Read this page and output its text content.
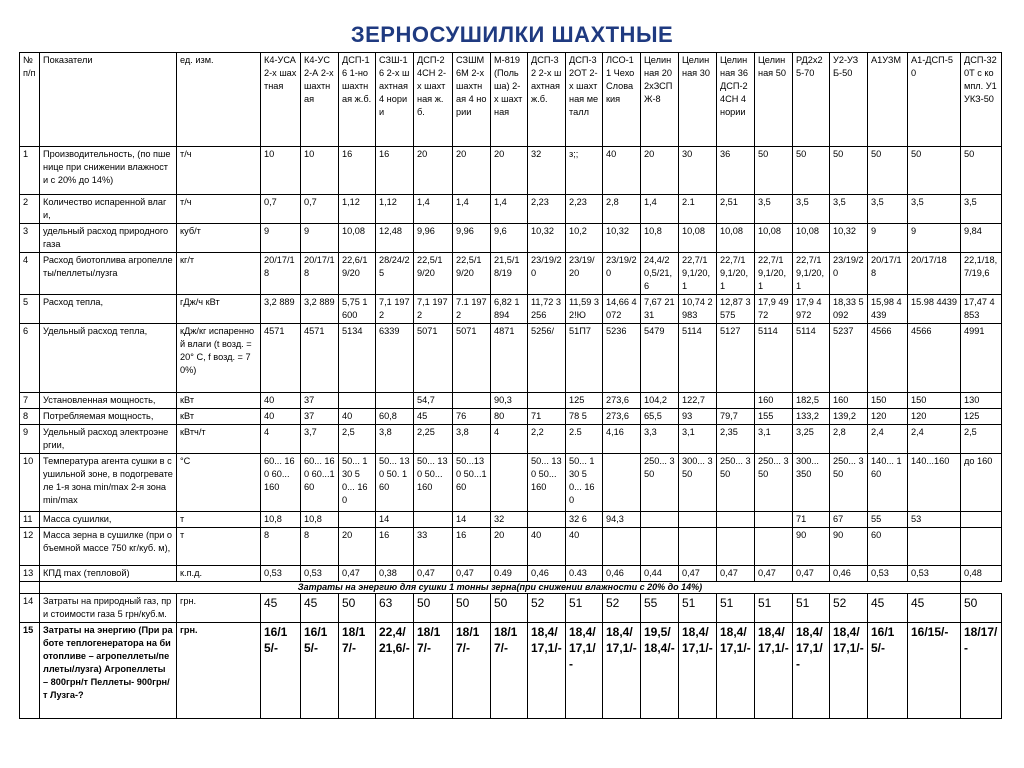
ЗЕРНОСУШИЛКИ ШАХТНЫЕ
№ п/п	Показатели	ед. изм.	К4-УСА 2-х шахтная	К4-УС2-А 2-х шахтная	ДСП-16 1-но шахтная ж.б.	СЗШ-16 2-х шахтная 4 нории	ДСП-24СН 2-х шахтная ж.б.	СЗШМ 6М 2-х шахтная 4 нории	М-819 (Польша) 2-х шахтная	ДСП-32 2-х шахтная ж.б.	ДСП-32ОТ 2-х шахтная металл	ЛСО-11 Чехо Словакия	Целинная 20 2хЗСПЖ-8	Целинная 30	Целинная 36 ДСП-24СН 4 нории	Целинная 50	РД2х25-70	У2-УЗБ-50	А1УЗМ	А1-ДСП-50	ДСП-320Т с компл. У1 УКЗ-50
1	Производительность, (по пшенице при снижении влажности с 20% до 14%)	т/ч	10	10	16	16	20	20	20	32	з;;	40	20	30	36	50	50	50	50	50	50
2	Количество испаренной влаги,	т/ч	0,7	0,7	1,12	1,12	1,4	1,4	1,4	2,23	2,23	2,8	1,4	2.1	2,51	3,5	3,5	3,5	3,5	3,5	3,5
3	удельный расход природного газа	куб/т	9	9	10,08	12,48	9,96	9,96	9,6	10,32	10,2	10,32	10,8	10,08	10,08	10,08	10,08	10,32	9	9	9,84
4	Расход биотоплива агропеллеты/пеллеты/лузга	кг/т	20/17/18	20/17/18	22,6/19/20	28/24/25	22,5/19/20	22,5/19/20	21,5/18/19	23/19/20	23/19/20	23/19/20	24,4/20,5/21,6	22,7/19,1/20,1	22,7/19,1/20,1	22,7/19,1/20,1	22,7/19,1/20,1	23/19/20	20/17/18	20/17/18	22,1/18,7/19,6
5	Расход тепла,	гДж/ч кВт	3,2 889	3,2 889	5,75 1600	7,1 1972	7,1 1972	7.1 1972	6,82 1894	11,72 3256	11,59 32!Ю	14,66 4072	7,67 2131	10,74 2983	12,87 3575	17,9 4972	17,9 4972	18,33 5092	15,98 4439	15.98 4439	17,47 4853
6	Удельный расход тепла,	кДж/кг испаренной влаги (t возд. = 20° С, f возд. = 70%)	4571	4571	5134	6339	5071	5071	4871	5256/	51П7	5236	5479	5114	5127	5114	5114	5237	4566	4566	4991
7	Установленная мощность,	кВт	40	37			54,7		90,3		125	273,6	104,2	122,7		160	182,5	160	150	150	130
8	Потребляемая мощность,	кВт	40	37	40	60,8	45	76	80	71	78 5	273,6	65,5	93	79,7	155	133,2	139,2	120	120	125
9	Удельный расход электроэнергии,	кВтч/т	4	3,7	2,5	3,8	2,25	3,8	4	2,2	2.5	4,16	3,3	3,1	2,35	3,1	3,25	2,8	2,4	2,4	2,5
10	Температура агента сушки в сушильной зоне, в подогревателе 1-я зона min/max 2-я зона min/max	°С	60... 160 60... 160	60... 160 60...160	50... 130 50... 160	50... 130 50. 160	50... 130 50... 160	50...130 50...160		50... 130 50... 160	50... 130 50... 160		250... 350	300... 350	250... 350	250... 350	300... 350	250... 350	140... 160	140...160	до 160
11	Масса сушилки,	т	10,8	10,8		14		14	32		32 6	94,3					71	67	55	53	
12	Масса зерна в сушилке (при объемной массе 750 кг/куб. м),	т	8	8	20	16	33	16	20	40	40						90	90	60		
13	КПД max (тепловой)	к.п.д.	0,53	0,53	0,47	0,38	0,47	0,47	0.49	0,46	0.43	0,46	0,44	0,47	0,47	0,47	0,47	0,46	0,53	0,53	0,48
	Затраты на энергию для сушки 1 тонны зерна(при снижении влажности с 20% до 14%)																				
14	Затраты на природный газ, при стоимости газа 5 грн/куб.м.	грн.	45	45	50	63	50	50	50	52	51	52	55	51	51	51	51	52	45	45	50
15	Затраты на энергию (При работе теплогенератора на биотопливе – агропеллеты/пеллеты/лузга) Агропеллеты – 800грн/т Пеллеты- 900грн/т Лузга-?	грн.	16/15/-	16/15/-	18/17/-	22,4/21,6/-	18/17/-	18/17/-	18/17/-	18,4/17,1/-	18,4/17,1/-	18,4/17,1/-	19,5/18,4/-	18,4/17,1/-	18,4/17,1/-	18,4/17,1/-	18,4/17,1/-	18,4/17,1/-	16/15/-	16/15/-	18/17/-
